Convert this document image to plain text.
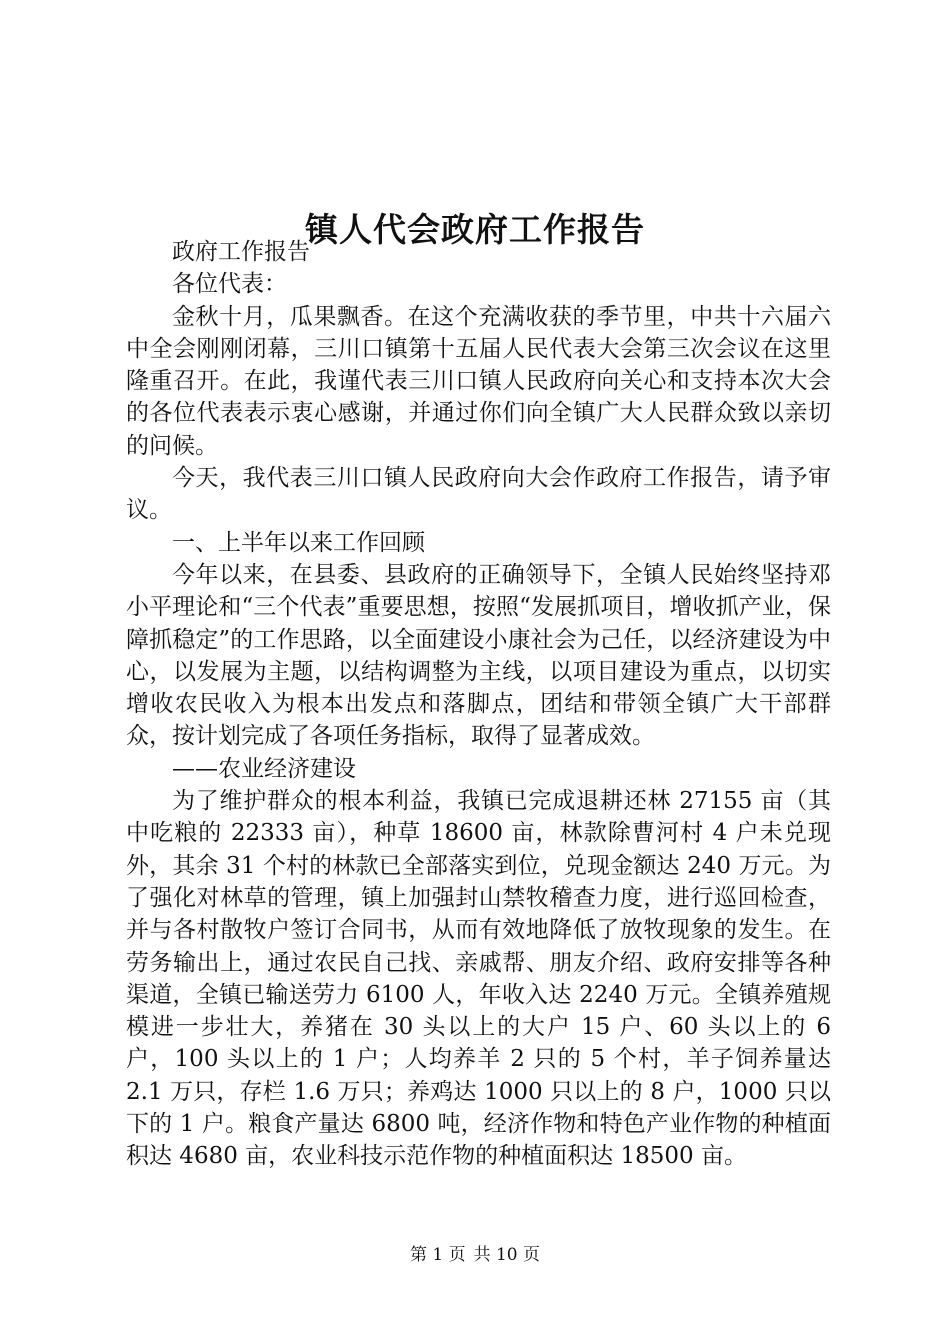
镇人代会政府工作报告

政府工作报告

各位代表：

金秋十月，瓜果飘香。在这个充满收获的季节里，中共十六届六中全会刚刚闭幕，三川口镇第十五届人民代表大会第三次会议在这里隆重召开。在此，我谨代表三川口镇人民政府向关心和支持本次大会的各位代表表示衷心感谢，并通过你们向全镇广大人民群众致以亲切的问候。

今天，我代表三川口镇人民政府向大会作政府工作报告，请予审议。

一、上半年以来工作回顾

今年以来，在县委、县政府的正确领导下，全镇人民始终坚持邓小平理论和“三个代表”重要思想，按照“发展抓项目，增收抓产业，保障抓稳定”的工作思路，以全面建设小康社会为己任，以经济建设为中心，以发展为主题，以结构调整为主线，以项目建设为重点，以切实增收农民收入为根本出发点和落脚点，团结和带领全镇广大干部群众，按计划完成了各项任务指标，取得了显著成效。

——农业经济建设

为了维护群众的根本利益，我镇已完成退耕还林 27155 亩（其中吃粮的 22333 亩），种草 18600 亩，林款除曹河村 4 户未兑现外，其余 31 个村的林款已全部落实到位，兑现金额达 240 万元。为了强化对林草的管理，镇上加强封山禁牧稽查力度，进行巡回检查，并与各村散牧户签订合同书，从而有效地降低了放牧现象的发生。在劳务输出上，通过农民自己找、亲戚帮、朋友介绍、政府安排等各种渠道，全镇已输送劳力 6100 人，年收入达 2240 万元。全镇养殖规模进一步壮大，养猪在 30 头以上的大户 15 户、60 头以上的 6 户，100 头以上的 1 户；人均养羊 2 只的 5 个村，羊子饲养量达 2.1 万只，存栏 1.6 万只；养鸡达 1000 只以上的 8 户，1000 只以下的 1 户。粮食产量达 6800 吨，经济作物和特色产业作物的种植面积达 4680 亩，农业科技示范作物的种植面积达 18500 亩。

第 1 页 共 10 页
